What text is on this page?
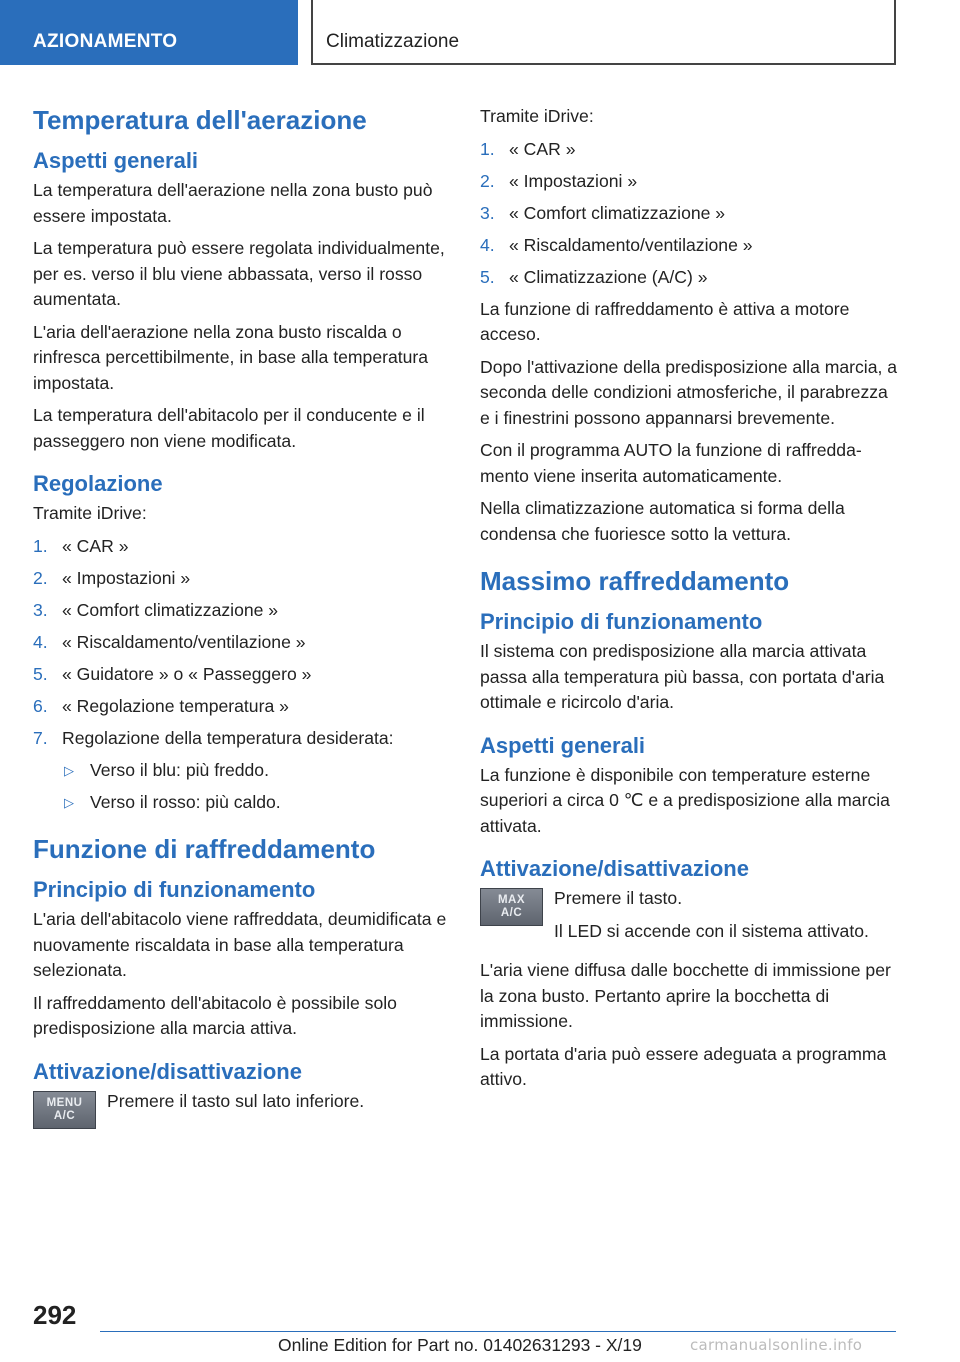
AZIONAMENTO	Climatizzazione
Temperatura dell'aerazione
Aspetti generali

La temperatura dell'aerazione nella zona busto può essere impostata.

La temperatura può essere regolata individualmente, per es. verso il blu viene abbassata, verso il rosso aumentata.

L'aria dell'aerazione nella zona busto riscalda o rinfresca percettibilmente, in base alla temperatura impostata.

La temperatura dell'abitacolo per il conducente e il passeggero non viene modificata.

Regolazione

Tramite iDrive:

1. « CAR »
2. « Impostazioni »
3. « Comfort climatizzazione »
4. « Riscaldamento/ventilazione »
5. « Guidatore » o « Passeggero »
6. « Regolazione temperatura »
7. Regolazione della temperatura desiderata:
▷ Verso il blu: più freddo.
▷ Verso il rosso: più caldo.
Funzione di raffreddamento
Principio di funzionamento

L'aria dell'abitacolo viene raffreddata, deumidificata e nuovamente riscaldata in base alla temperatura selezionata.

Il raffreddamento dell'abitacolo è possibile solo predisposizione alla marcia attiva.

Attivazione/disattivazione
MENU
A/C

Premere il tasto sul lato inferiore.

Tramite iDrive:

1. « CAR »
2. « Impostazioni »
3. « Comfort climatizzazione »
4. « Riscaldamento/ventilazione »
5. « Climatizzazione (A/C) »

La funzione di raffreddamento è attiva a motore acceso.

Dopo l'attivazione della predisposizione alla marcia, a seconda delle condizioni atmosferiche, il parabrezza e i finestrini possono appannarsi brevemente.

Con il programma AUTO la funzione di raffreddamento viene inserita automaticamente.

Nella climatizzazione automatica si forma della condensa che fuoriesce sotto la vettura.

Massimo raffreddamento
Principio di funzionamento

Il sistema con predisposizione alla marcia attivata passa alla temperatura più bassa, con portata d'aria ottimale e ricircolo d'aria.

Aspetti generali

La funzione è disponibile con temperature esterne superiori a circa 0 ℃ e a predisposizione alla marcia attivata.

Attivazione/disattivazione
MAX
A/C

Premere il tasto.

Il LED si accende con il sistema attivato.

L'aria viene diffusa dalle bocchette di immissione per la zona busto. Pertanto aprire la bocchetta di immissione.

La portata d'aria può essere adeguata a programma attivo.

292
Online Edition for Part no. 01402631293 - X/19	carmanualsonline.info
